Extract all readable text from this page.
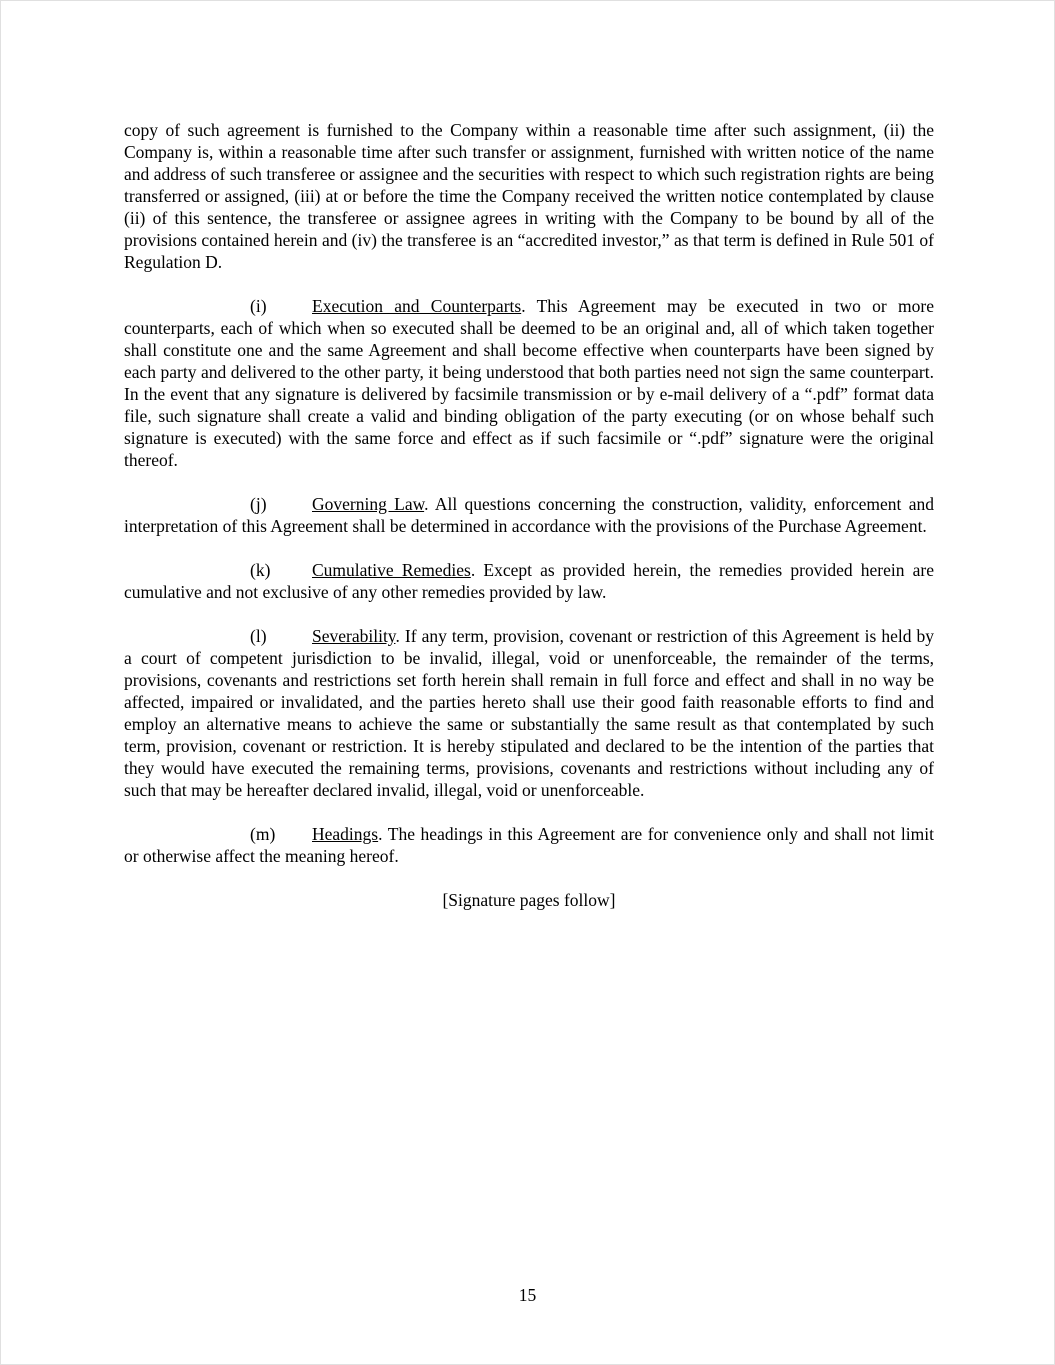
copy of such agreement is furnished to the Company within a reasonable time after such assignment, (ii) the Company is, within a reasonable time after such transfer or assignment, furnished with written notice of the name and address of such transferee or assignee and the securities with respect to which such registration rights are being transferred or assigned, (iii) at or before the time the Company received the written notice contemplated by clause (ii) of this sentence, the transferee or assignee agrees in writing with the Company to be bound by all of the provisions contained herein and (iv) the transferee is an “accredited investor,” as that term is defined in Rule 501 of Regulation D.

(i)	Execution and Counterparts. This Agreement may be executed in two or more counterparts, each of which when so executed shall be deemed to be an original and, all of which taken together shall constitute one and the same Agreement and shall become effective when counterparts have been signed by each party and delivered to the other party, it being understood that both parties need not sign the same counterpart. In the event that any signature is delivered by facsimile transmission or by e-mail delivery of a “.pdf” format data file, such signature shall create a valid and binding obligation of the party executing (or on whose behalf such signature is executed) with the same force and effect as if such facsimile or “.pdf” signature were the original thereof.

(j)	Governing Law. All questions concerning the construction, validity, enforcement and interpretation of this Agreement shall be determined in accordance with the provisions of the Purchase Agreement.

(k) Cumulative Remedies. Except as provided herein, the remedies provided herein are cumulative and not exclusive of any other remedies provided by law.

(l)	Severability. If any term, provision, covenant or restriction of this Agreement is held by a court of competent jurisdiction to be invalid, illegal, void or unenforceable, the remainder of the terms, provisions, covenants and restrictions set forth herein shall remain in full force and effect and shall in no way be affected, impaired or invalidated, and the parties hereto shall use their good faith reasonable efforts to find and employ an alternative means to achieve the same or substantially the same result as that contemplated by such term, provision, covenant or restriction. It is hereby stipulated and declared to be the intention of the parties that they would have executed the remaining terms, provisions, covenants and restrictions without including any of such that may be hereafter declared invalid, illegal, void or unenforceable.

(m) Headings. The headings in this Agreement are for convenience only and shall not limit or otherwise affect the meaning hereof.

[Signature pages follow]

15
